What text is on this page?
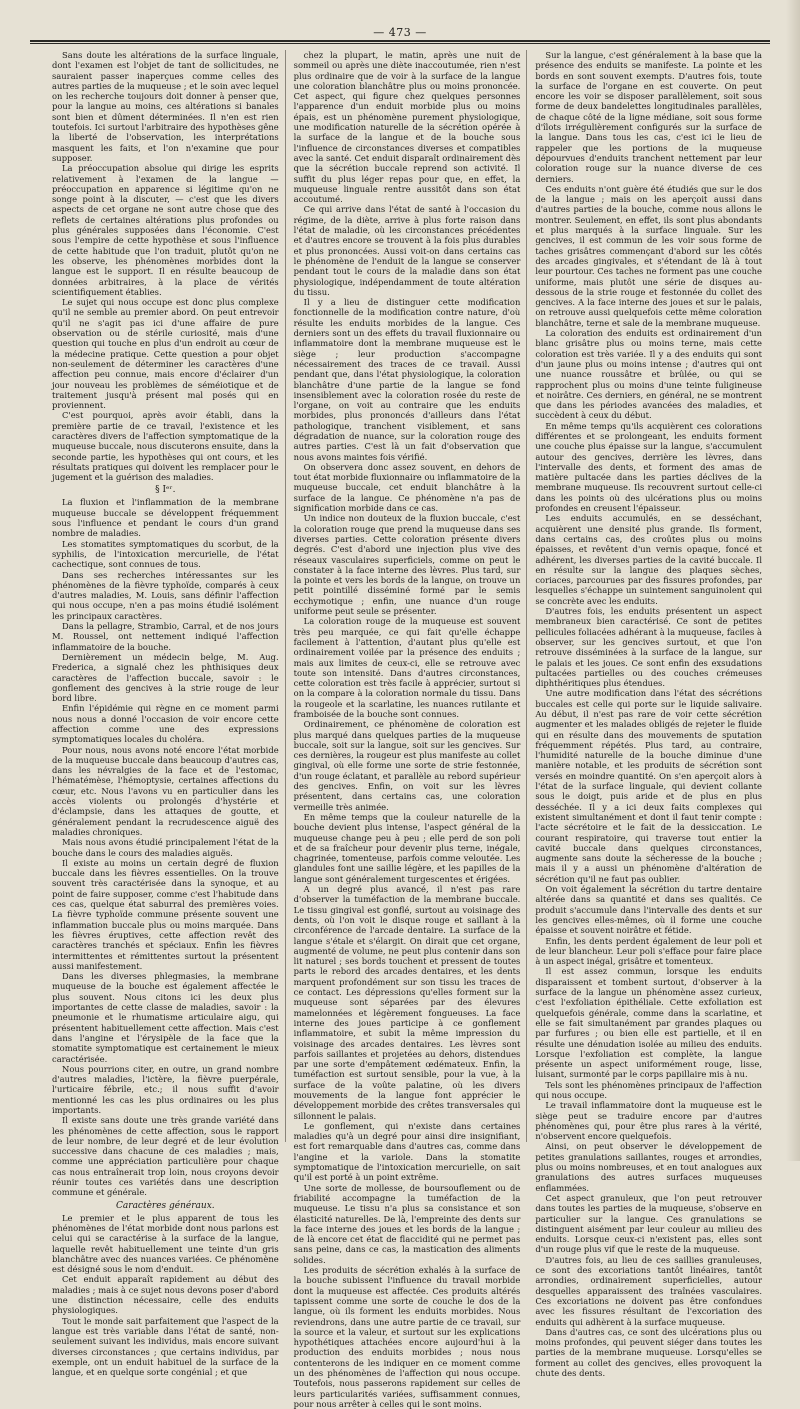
— 473 —

Sans doute les altérations de la surface linguale, dont l'examen est l'objet de tant de sollicitudes, ne sauraient passer inaperçues comme celles des autres parties de la muqueuse ; et le soin avec lequel on les recherche toujours doit donner à penser que, pour la langue au moins, ces altérations si banales sont bien et dûment déterminées. Il n'en est rien toutefois. Ici surtout l'arbitraire des hypothèses gêne la liberté de l'observation, les interprétations masquent les faits, et l'on n'examine que pour supposer.

La préoccupation absolue qui dirige les esprits relativement à l'examen de la langue — préoccupation en apparence si légitime qu'on ne songe point à la discuter, — c'est que les divers aspects de cet organe ne sont autre chose que des reflets de certaines altérations plus profondes ou plus générales supposées dans l'économie. C'est sous l'empire de cette hypothèse et sous l'influence de cette habitude que l'on traduit, plutôt qu'on ne les observe, les phénomènes morbides dont la langue est le support. Il en résulte beaucoup de données arbitraires, à la place de vérités scientifiquement établies.

Le sujet qui nous occupe est donc plus complexe qu'il ne semble au premier abord. On peut entrevoir qu'il ne s'agit pas ici d'une affaire de pure observation ou de stérile curiosité, mais d'une question qui touche en plus d'un endroit au cœur de la médecine pratique. Cette question a pour objet non-seulement de déterminer les caractères d'une affection peu connue, mais encore d'éclairer d'un jour nouveau les problèmes de séméiotique et de traitement jusqu'à présent mal posés qui en proviennent.

C'est pourquoi, après avoir établi, dans la première partie de ce travail, l'existence et les caractères divers de l'affection symptomatique de la muqueuse buccale, nous discuterons ensuite, dans la seconde partie, les hypothèses qui ont cours, et les résultats pratiques qui doivent les remplacer pour le jugement et la guérison des maladies.

§ Iᵉʳ.

La fluxion et l'inflammation de la membrane muqueuse buccale se développent fréquemment sous l'influence et pendant le cours d'un grand nombre de maladies.

Les stomatites symptomatiques du scorbut, de la syphilis, de l'intoxication mercurielle, de l'état cachectique, sont connues de tous.

Dans ses recherches intéressantes sur les phénomènes de la fièvre typhoïde, comparés à ceux d'autres maladies, M. Louis, sans définir l'affection qui nous occupe, n'en a pas moins étudié isolément les principaux caractères.

Dans la pellagre, Strambio, Carral, et de nos jours M. Roussel, ont nettement indiqué l'affection inflammatoire de la bouche.

Dernièrement un médecin belge, M. Aug. Frederica, a signalé chez les phthisiques deux caractères de l'affection buccale, savoir : le gonflement des gencives à la strie rouge de leur bord libre.

Enfin l'épidémie qui règne en ce moment parmi nous nous a donné l'occasion de voir encore cette affection comme une des expressions symptomatiques locales du choléra.

Pour nous, nous avons noté encore l'état morbide de la muqueuse buccale dans beaucoup d'autres cas, dans les névralgies de la face et de l'estomac, l'hématémèse, l'hémoptysie, certaines affections du cœur, etc. Nous l'avons vu en particulier dans les accès violents ou prolongés d'hystérie et d'éclampsie, dans les attaques de goutte, et généralement pendant la recrudescence aiguë des maladies chroniques.

Mais nous avons étudié principalement l'état de la bouche dans le cours des maladies aiguës.

Il existe au moins un certain degré de fluxion buccale dans les fièvres essentielles. On la trouve souvent très caractérisée dans la synoque, et au point de faire supposer, comme c'est l'habitude dans ces cas, quelque état saburral des premières voies. La fièvre typhoïde commune présente souvent une inflammation buccale plus ou moins marquée. Dans les fièvres éruptives, cette affection revêt des caractères tranchés et spéciaux. Enfin les fièvres intermittentes et rémittentes surtout la présentent aussi manifestement.

Dans les diverses phlegmasies, la membrane muqueuse de la bouche est également affectée le plus souvent. Nous citons ici les deux plus importantes de cette classe de maladies, savoir : la pneumonie et le rhumatisme articulaire aigu, qui présentent habituellement cette affection. Mais c'est dans l'angine et l'érysipèle de la face que la stomatite symptomatique est certainement le mieux caractérisée.

Nous pourrions citer, en outre, un grand nombre d'autres maladies, l'ictère, la fièvre puerpérale, l'urticaire fébrile, etc.; il nous suffit d'avoir mentionné les cas les plus ordinaires ou les plus importants.

Il existe sans doute une très grande variété dans les phénomènes de cette affection, sous le rapport de leur nombre, de leur degré et de leur évolution successive dans chacune de ces maladies ; mais, comme une appréciation particulière pour chaque cas nous entraînerait trop loin, nous croyons devoir réunir toutes ces variétés dans une description commune et générale.

Caractères généraux.

Le premier et le plus apparent de tous les phénomènes de l'état morbide dont nous parlons est celui qui se caractérise à la surface de la langue, laquelle revêt habituellement une teinte d'un gris blanchâtre avec des nuances variées. Ce phénomène est désigné sous le nom d'enduit.

Cet enduit apparaît rapidement au début des maladies ; mais à ce sujet nous devons poser d'abord une distinction nécessaire, celle des enduits physiologiques.

Tout le monde sait parfaitement que l'aspect de la langue est très variable dans l'état de santé, non-seulement suivant les individus, mais encore suivant diverses circonstances ; que certains individus, par exemple, ont un enduit habituel de la surface de la langue, et en quelque sorte congénial ; et que

chez la plupart, le matin, après une nuit de sommeil ou après une diète inaccoutumée, rien n'est plus ordinaire que de voir à la surface de la langue une coloration blanchâtre plus ou moins prononcée. Cet aspect, qui figure chez quelques personnes l'apparence d'un enduit morbide plus ou moins épais, est un phénomène purement physiologique, une modification naturelle de la sécrétion opérée à la surface de la langue et de la bouche sous l'influence de circonstances diverses et compatibles avec la santé. Cet enduit disparaît ordinairement dès que la sécrétion buccale reprend son activité. Il suffit du plus léger repas pour que, en effet, la muqueuse linguale rentre aussitôt dans son état accoutumé.

Ce qui arrive dans l'état de santé à l'occasion du régime, de la diète, arrive à plus forte raison dans l'état de maladie, où les circonstances précédentes et d'autres encore se trouvent à la fois plus durables et plus prononcées. Aussi voit-on dans certains cas le phénomène de l'enduit de la langue se conserver pendant tout le cours de la maladie dans son état physiologique, indépendamment de toute altération du tissu.

Il y a lieu de distinguer cette modification fonctionnelle de la modification contre nature, d'où résulte les enduits morbides de la langue. Ces derniers sont un des effets du travail fluxionnaire ou inflammatoire dont la membrane muqueuse est le siège ; leur production s'accompagne nécessairement des traces de ce travail. Aussi pendant que, dans l'état physiologique, la coloration blanchâtre d'une partie de la langue se fond insensiblement avec la coloration rosée du reste de l'organe, on voit au contraire que les enduits morbides, plus prononcés d'ailleurs dans l'état pathologique, tranchent visiblement, et sans dégradation de nuance, sur la coloration rouge des autres parties. C'est là un fait d'observation que nous avons maintes fois vérifié.

On observera donc assez souvent, en dehors de tout état morbide fluxionnaire ou inflammatoire de la muqueuse buccale, cet enduit blanchâtre à la surface de la langue. Ce phénomène n'a pas de signification morbide dans ce cas.

Un indice non douteux de la fluxion buccale, c'est la coloration rouge que prend la muqueuse dans ses diverses parties. Cette coloration présente divers degrés. C'est d'abord une injection plus vive des réseaux vasculaires superficiels, comme on peut le constater à la face interne des lèvres. Plus tard, sur la pointe et vers les bords de la langue, on trouve un petit pointillé disséminé formé par le semis ecchymotique ; enfin, une nuance d'un rouge uniforme peut seule se présenter.

La coloration rouge de la muqueuse est souvent très peu marquée, ce qui fait qu'elle échappe facilement à l'attention, d'autant plus qu'elle est ordinairement voilée par la présence des enduits ; mais aux limites de ceux-ci, elle se retrouve avec toute son intensité. Dans d'autres circonstances, cette coloration est très facile à apprécier, surtout si on la compare à la coloration normale du tissu. Dans la rougeole et la scarlatine, les nuances rutilante et framboisée de la bouche sont connues.

Ordinairement, ce phénomène de coloration est plus marqué dans quelques parties de la muqueuse buccale, soit sur la langue, soit sur les gencives. Sur ces dernières, la rougeur est plus manifeste au collet gingival, où elle forme une sorte de strie festonnée, d'un rouge éclatant, et parallèle au rebord supérieur des gencives. Enfin, on voit sur les lèvres présentent, dans certains cas, une coloration vermeille très animée.

En même temps que la couleur naturelle de la bouche devient plus intense, l'aspect général de la muqueuse change peu à peu ; elle perd de son poli et de sa fraîcheur pour devenir plus terne, inégale, chagrinée, tomenteuse, parfois comme veloutée. Les glandules font une saillie légère, et les papilles de la langue sont généralement turgescentes et érigées.

A un degré plus avancé, il n'est pas rare d'observer la tuméfaction de la membrane buccale. Le tissu gingival est gonflé, surtout au voisinage des dents, où l'on voit le disque rouge et saillant à la circonférence de l'arcade dentaire. La surface de la langue s'étale et s'élargit. On dirait que cet organe, augmenté de volume, ne peut plus contenir dans son lit naturel ; ses bords touchent et pressent de toutes parts le rebord des arcades dentaires, et les dents marquent profondément sur son tissu les traces de ce contact. Les dépressions qu'elles forment sur la muqueuse sont séparées par des élevures mamelonnées et légèrement fongueuses. La face interne des joues participe à ce gonflement inflammatoire, et subit la même impression du voisinage des arcades dentaires. Les lèvres sont parfois saillantes et projetées au dehors, distendues par une sorte d'empâtement œdémateux. Enfin, la tuméfaction est surtout sensible, pour la vue, à la surface de la voûte palatine, où les divers mouvements de la langue font apprécier le développement morbide des crêtes transversales qui sillonnent le palais.

Le gonflement, qui n'existe dans certaines maladies qu'à un degré pour ainsi dire insignifiant, est fort remarquable dans d'autres cas, comme dans l'angine et la variole. Dans la stomatite symptomatique de l'intoxication mercurielle, on sait qu'il est porté à un point extrême.

Une sorte de mollesse, de boursouflement ou de friabilité accompagne la tuméfaction de la muqueuse. Le tissu n'a plus sa consistance et son élasticité naturelles. De là, l'empreinte des dents sur la face interne des joues et les bords de la langue ; de là encore cet état de flaccidité qui ne permet pas sans peine, dans ce cas, la mastication des aliments solides.

Les produits de sécrétion exhalés à la surface de la bouche subissent l'influence du travail morbide dont la muqueuse est affectée. Ces produits altérés tapissent comme une sorte de couche le dos de la langue, où ils forment les enduits morbides. Nous reviendrons, dans une autre partie de ce travail, sur la source et la valeur, et surtout sur les explications hypothétiques attachées encore aujourd'hui à la production des enduits morbides ; nous nous contenterons de les indiquer en ce moment comme un des phénomènes de l'affection qui nous occupe. Toutefois, nous passerons rapidement sur celles de leurs particularités variées, suffisamment connues, pour nous arrêter à celles qui le sont moins.

Sur la langue, c'est généralement à la base que la présence des enduits se manifeste. La pointe et les bords en sont souvent exempts. D'autres fois, toute la surface de l'organe en est couverte. On peut encore les voir se disposer parallèlement, soit sous forme de deux bandelettes longitudinales parallèles, de chaque côté de la ligne médiane, soit sous forme d'îlots irrégulièrement configurés sur la surface de la langue. Dans tous les cas, c'est ici le lieu de rappeler que les portions de la muqueuse dépourvues d'enduits tranchent nettement par leur coloration rouge sur la nuance diverse de ces derniers.

Ces enduits n'ont guère été étudiés que sur le dos de la langue ; mais on les aperçoit aussi dans d'autres parties de la bouche, comme nous allons le montrer. Seulement, en effet, ils sont plus abondants et plus marqués à la surface linguale. Sur les gencives, il est commun de les voir sous forme de taches grisâtres commençant d'abord sur les côtés des arcades gingivales, et s'étendant de là à tout leur pourtour. Ces taches ne forment pas une couche uniforme, mais plutôt une série de disques au-dessous de la strie rouge et festonnée du collet des gencives. A la face interne des joues et sur le palais, on retrouve aussi quelquefois cette même coloration blanchâtre, terne et sale de la membrane muqueuse.

La coloration des enduits est ordinairement d'un blanc grisâtre plus ou moins terne, mais cette coloration est très variée. Il y a des enduits qui sont d'un jaune plus ou moins intense ; d'autres qui ont une nuance roussâtre et brûlée, ou qui se rapprochent plus ou moins d'une teinte fuligineuse et noirâtre. Ces derniers, en général, ne se montrent que dans les périodes avancées des maladies, et succèdent à ceux du début.

En même temps qu'ils acquièrent ces colorations différentes et se prolongeant, les enduits forment une couche plus épaisse sur la langue, s'accumulent autour des gencives, derrière les lèvres, dans l'intervalle des dents, et forment des amas de matière pultacée dans les parties déclives de la membrane muqueuse. Ils recouvrent surtout celle-ci dans les points où des ulcérations plus ou moins profondes en creusent l'épaisseur.

Les enduits accumulés, en se desséchant, acquièrent une densité plus grande. Ils forment, dans certains cas, des croûtes plus ou moins épaisses, et revêtent d'un vernis opaque, foncé et adhérent, les diverses parties de la cavité buccale. Il en résulte sur la langue des plaques sèches, coriaces, parcourues par des fissures profondes, par lesquelles s'échappe un suintement sanguinolent qui se concrète avec les enduits.

D'autres fois, les enduits présentent un aspect membraneux bien caractérisé. Ce sont de petites pellicules foliacées adhérant à la muqueuse, faciles à observer, sur les gencives surtout, et que l'on retrouve disséminées à la surface de la langue, sur le palais et les joues. Ce sont enfin des exsudations pultacées partielles ou des couches crémeuses diphthéritiques plus étendues.

Une autre modification dans l'état des sécrétions buccales est celle qui porte sur le liquide salivaire. Au début, il n'est pas rare de voir cette sécrétion augmenter et les malades obligés de rejeter le fluide qui en résulte dans des mouvements de sputation fréquemment répétés. Plus tard, au contraire, l'humidité naturelle de la bouche diminue d'une manière notable, et les produits de sécrétion sont versés en moindre quantité. On s'en aperçoit alors à l'état de la surface linguale, qui devient collante sous le doigt, puis aride et de plus en plus desséchée. Il y a ici deux faits complexes qui existent simultanément et dont il faut tenir compte : l'acte sécrétoire et le fait de la dessiccation. Le courant respiratoire, qui traverse tout entier la cavité buccale dans quelques circonstances, augmente sans doute la sécheresse de la bouche ; mais il y a aussi un phénomène d'altération de sécrétion qu'il ne faut pas oublier.

On voit également la sécrétion du tartre dentaire altérée dans sa quantité et dans ses qualités. Ce produit s'accumule dans l'intervalle des dents et sur les gencives elles-mêmes, où il forme une couche épaisse et souvent noirâtre et fétide.

Enfin, les dents perdent également de leur poli et de leur blancheur. Leur poli s'efface pour faire place à un aspect inégal, grisâtre et tomenteux.

Il est assez commun, lorsque les enduits disparaissent et tombent surtout, d'observer à la surface de la langue un phénomène assez curieux, c'est l'exfoliation épithéliale. Cette exfoliation est quelquefois générale, comme dans la scarlatine, et elle se fait simultanément par grandes plaques ou par furfures ; ou bien elle est partielle, et il en résulte une dénudation isolée au milieu des enduits. Lorsque l'exfoliation est complète, la langue présente un aspect uniformément rouge, lisse, luisant, surmonté par le corps papillaire mis à nu.

Tels sont les phénomènes principaux de l'affection qui nous occupe.

Le travail inflammatoire dont la muqueuse est le siège peut se traduire encore par d'autres phénomènes qui, pour être plus rares à la vérité, n'observent encore quelquefois.

Ainsi, on peut observer le développement de petites granulations saillantes, rouges et arrondies, plus ou moins nombreuses, et en tout analogues aux granulations des autres surfaces muqueuses enflammées.

Cet aspect granuleux, que l'on peut retrouver dans toutes les parties de la muqueuse, s'observe en particulier sur la langue. Ces granulations se distinguent aisément par leur couleur au milieu des enduits. Lorsque ceux-ci n'existent pas, elles sont d'un rouge plus vif que le reste de la muqueuse.

D'autres fois, au lieu de ces saillies granuleuses, ce sont des excoriations tantôt linéaires, tantôt arrondies, ordinairement superficielles, autour desquelles apparaissent des traînées vasculaires. Ces excoriations ne doivent pas être confondues avec les fissures résultant de l'excoriation des enduits qui adhèrent à la surface muqueuse.

Dans d'autres cas, ce sont des ulcérations plus ou moins profondes, qui peuvent siéger dans toutes les parties de la membrane muqueuse. Lorsqu'elles se forment au collet des gencives, elles provoquent la chute des dents.
